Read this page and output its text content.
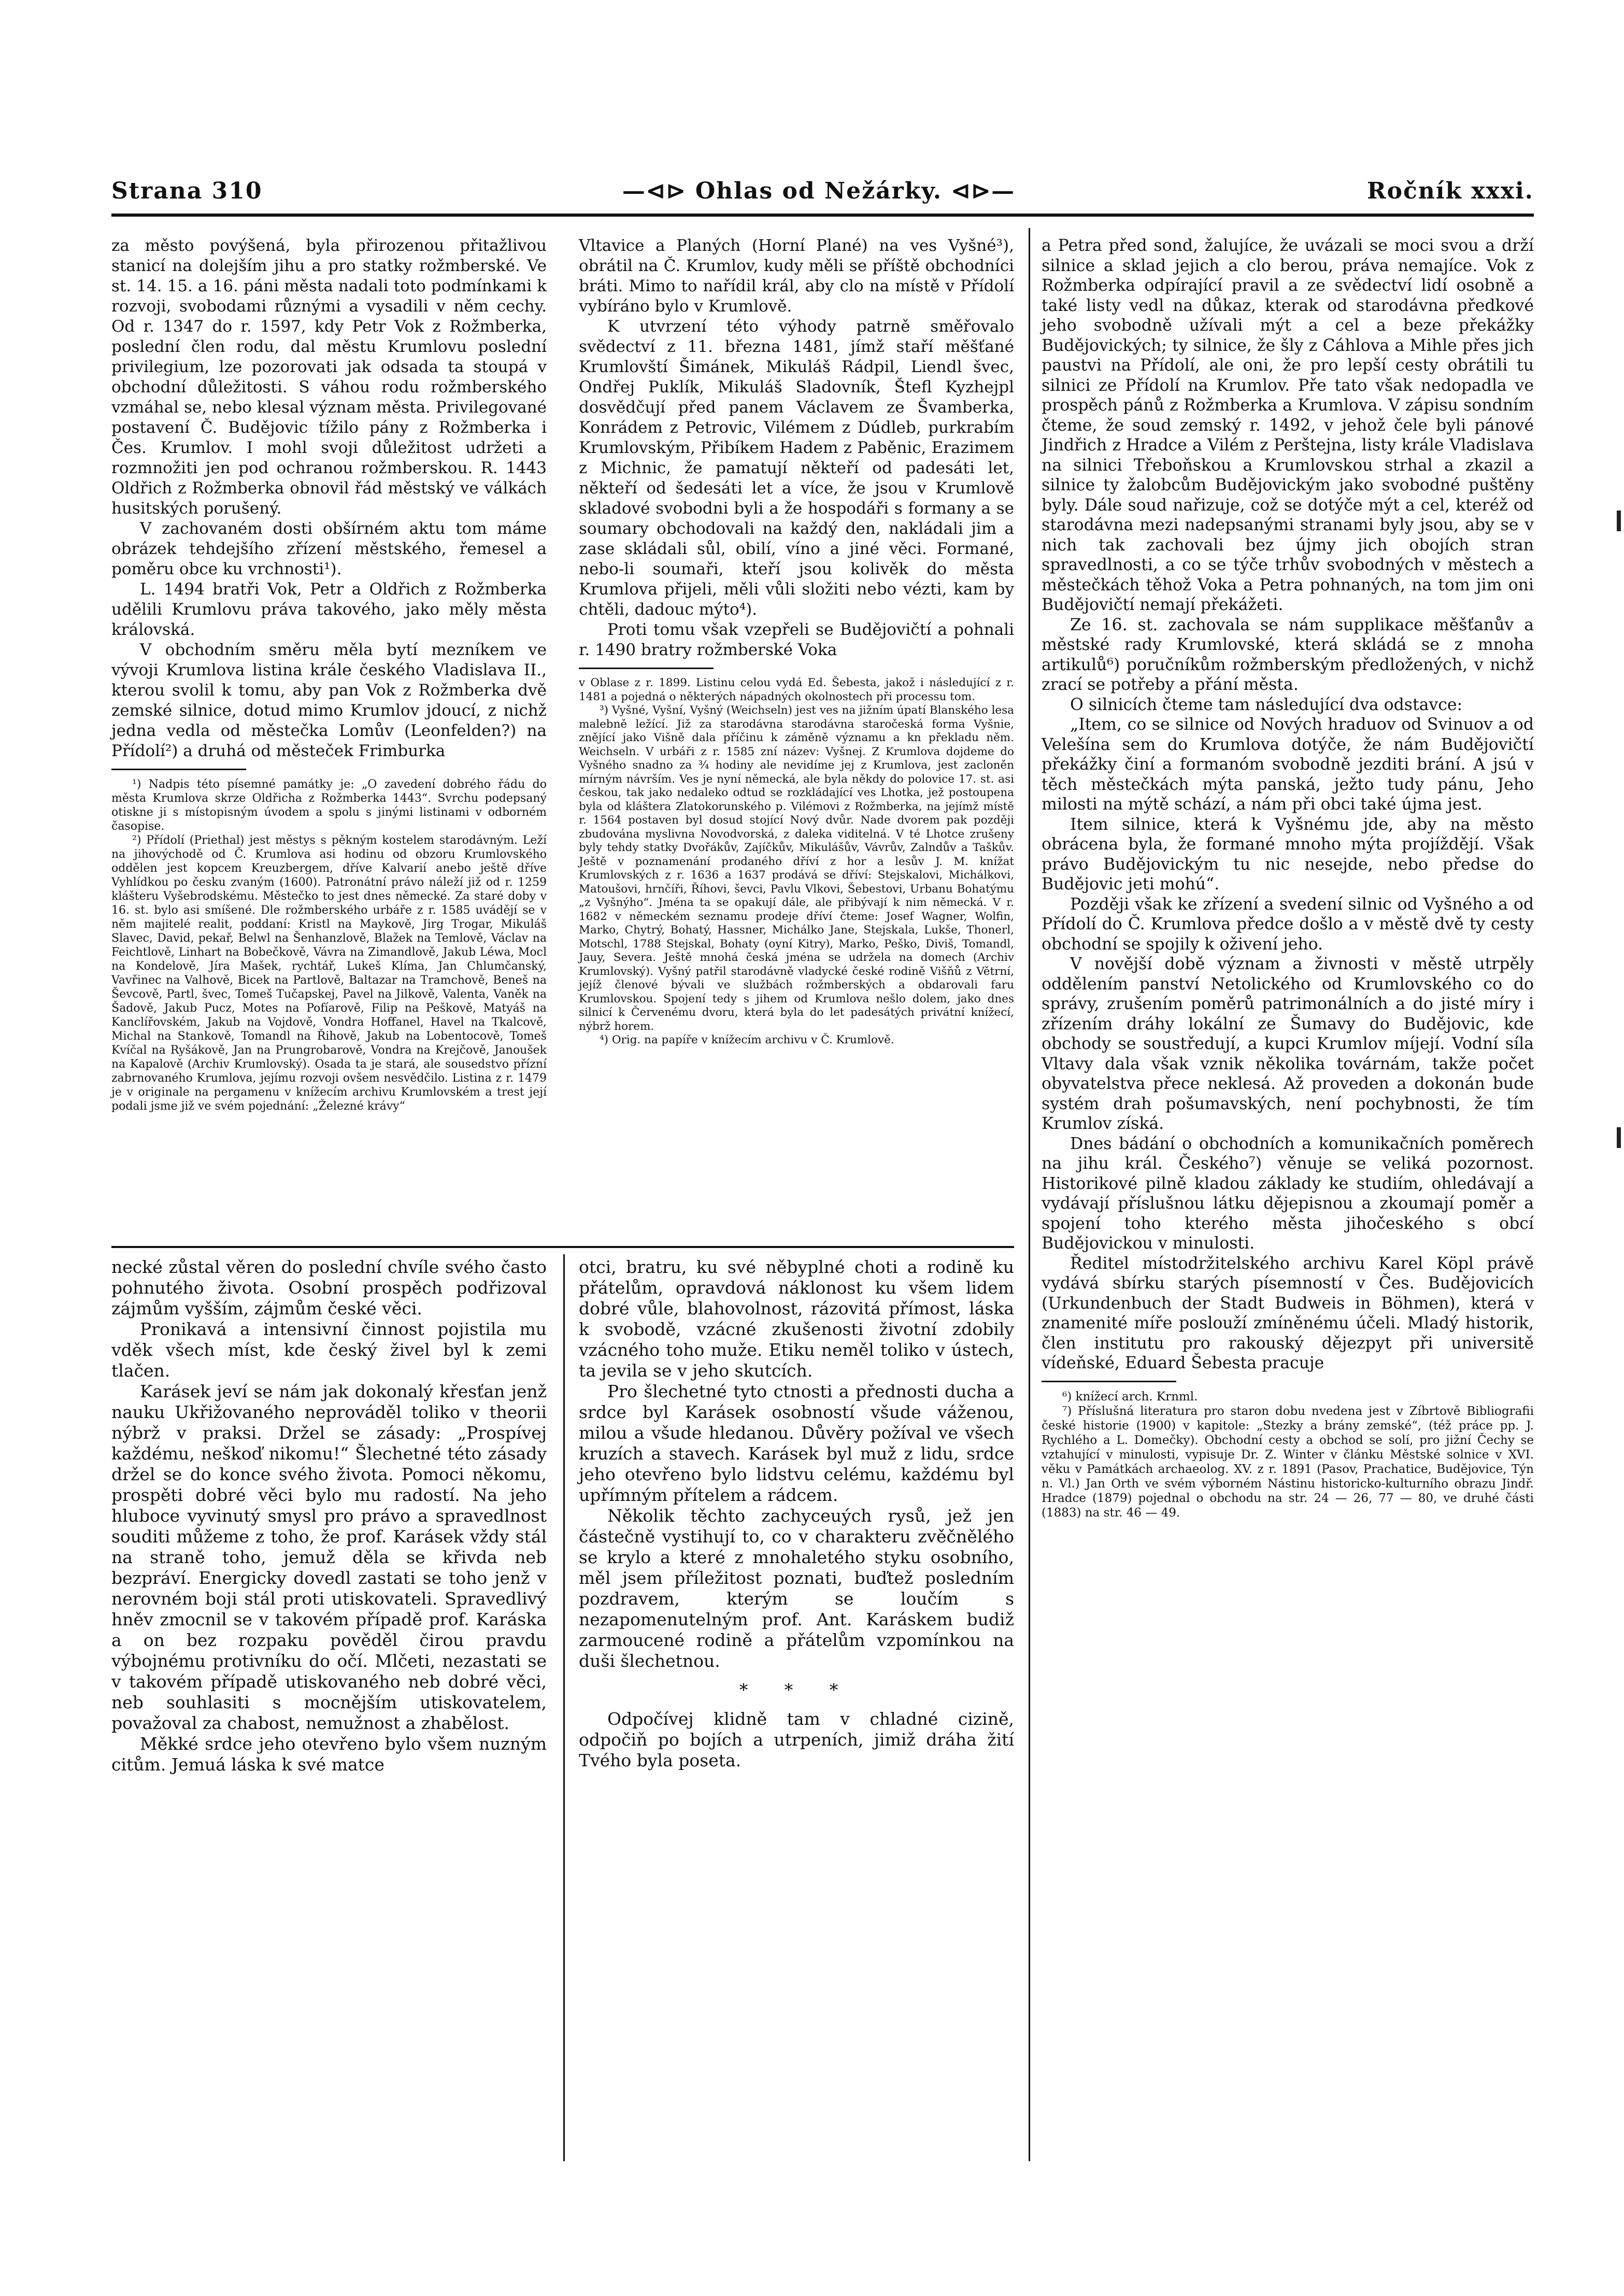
Strana 310	—⊲⊳ Ohlas od Nežárky. ⊲⊳—	Ročník xxxi.

za město povýšená, byla přirozenou přitažlivou stanicí na dolejším jihu a pro statky rožmberské. Ve st. 14. 15. a 16. páni města nadali toto podmínkami k rozvoji, svobodami různými a vysadili v něm cechy. Od r. 1347 do r. 1597, kdy Petr Vok z Rožmberka, poslední člen rodu, dal městu Krumlovu poslední privilegium, lze pozorovati jak odsada ta stoupá v obchodní důležitosti. S váhou rodu rožmberského vzmáhal se, nebo klesal význam města. Privilegované postavení Č. Budějovic tížilo pány z Rožmberka i Čes. Krumlov. I mohl svoji důležitost udržeti a rozmnožiti jen pod ochranou rožmberskou. R. 1443 Oldřich z Rožmberka obnovil řád městský ve válkách husitských porušený.

V zachovaném dosti obšírném aktu tom máme obrázek tehdejšího zřízení městského, řemesel a poměru obce ku vrchnosti¹).

L. 1494 bratři Vok, Petr a Oldřich z Rožmberka udělili Krumlovu práva takového, jako měly města královská.

V obchodním směru měla bytí mezníkem ve vývoji Krumlova listina krále českého Vladislava II., kterou svolil k tomu, aby pan Vok z Rožmberka dvě zemské silnice, dotud mimo Krumlov jdoucí, z nichž jedna vedla od městečka Lomův (Leonfelden?) na Přídolí²) a druhá od městeček Frimburka

¹) Nadpis této písemné památky je: „O zavedení dobrého řádu do města Krumlova skrze Oldřicha z Rožmberka 1443“. Svrchu podepsaný otiskne ji s místopisným úvodem a spolu s jinými listinami v odborném časopise.

²) Přídolí (Priethal) jest městys s pěkným kostelem starodávným. Leží na jihovýchodě od Č. Krumlova asi hodinu od obzoru Krumlovského oddělen jest kopcem Kreuzbergem, dříve Kalvarií anebo ještě dříve Vyhlídkou po česku zvaným (1600). Patronátní právo náleží již od r. 1259 klášteru Vyšebrodskému. Městečko to jest dnes německé. Za staré doby v 16. st. bylo asi smíšené. Dle rožmberského urbáře z r. 1585 uvádějí se v něm majitelé realit, poddaní: Kristl na Maykově, Jirg Trogar, Mikuláš Slavec, David, pekař, Belwl na Šenhanzlově, Blažek na Temlově, Václav na Feichtlově, Linhart na Bobečkově, Vávra na Zimandlově, Jakub Léwa, Mocl na Kondelově, Jíra Mašek, rychtář, Lukeš Klíma, Jan Chlumčanský, Vavřinec na Valhově, Bicek na Partlově, Baltazar na Tramchově, Beneš na Ševcově, Partl, švec, Tomeš Tučapskej, Pavel na Jilkově, Valenta, Vaněk na Šadově, Jakub Pucz, Motes na Pofíarově, Filip na Peškově, Matyáš na Kanclířovském, Jakub na Vojdově, Vondra Hoffanel, Havel na Tkalcově, Michal na Stankově, Tomandl na Řihově, Jakub na Lobentocově, Tomeš Kvíčal na Ryšákově, Jan na Prungrobarově, Vondra na Krejčově, Janoušek na Kapalově (Archiv Krumlovský). Osada ta je stará, ale sousedstvo přízní zabrnovaného Krumlova, jejímu rozvoji ovšem nesvědčilo. Listina z r. 1479 je v originale na pergamenu v knížecím archivu Krumlovském a trest její podali jsme již ve svém pojednání: „Železné krávy“

Vltavice a Planých (Horní Plané) na ves Vyšné³), obrátil na Č. Krumlov, kudy měli se příště obchodníci bráti. Mimo to nařídil král, aby clo na místě v Přídolí vybíráno bylo v Krumlově.

K utvrzení této výhody patrně směřovalo svědectví z 11. března 1481, jímž staří měšťané Krumlovští Šimánek, Mikuláš Rádpil, Liendl švec, Ondřej Puklík, Mikuláš Sladovník, Štefl Kyzhejpl dosvědčují před panem Václavem ze Švamberka, Konrádem z Petrovic, Vilémem z Dúdleb, purkrabím Krumlovským, Přibíkem Hadem z Paběnic, Erazimem z Michnic, že pamatují někteří od padesáti let, někteří od šedesáti let a více, že jsou v Krumlově skladové svobodni byli a že hospodáři s formany a se soumary obchodovali na každý den, nakládali jim a zase skládali sůl, obilí, víno a jiné věci. Formané, nebo-li soumaři, kteří jsou kolivěk do města Krumlova přijeli, měli vůli složiti nebo vézti, kam by chtěli, dadouc mýto⁴).

Proti tomu však vzepřeli se Budějovičtí a pohnali r. 1490 bratry rožmberské Voka

v Oblase z r. 1899. Listinu celou vydá Ed. Šebesta, jakož i následující z r. 1481 a pojedná o některých nápadných okolnostech při processu tom.

³) Vyšné, Vyšní, Vyšný (Weichseln) jest ves na jižním úpatí Blanského lesa malebně ležící. Již za starodávna starodávna staročeská forma Vyšnie, znějící jako Višně dala příčinu k záměně významu a kn překladu něm. Weichseln. V urbáři z r. 1585 zní název: Vyšnej. Z Krumlova dojdeme do Vyšného snadno za ¾ hodiny ale nevidíme jej z Krumlova, jest zacloněn mírným návrším. Ves je nyní německá, ale byla někdy do polovice 17. st. asi českou, tak jako nedaleko odtud se rozkládající ves Lhotka, jež postoupena byla od kláštera Zlatokorunského p. Vilémovi z Rožmberka, na jejímž místě r. 1564 postaven byl dosud stojící Nový dvůr. Nade dvorem pak později zbudována myslivna Novodvorská, z daleka viditelná. V té Lhotce zrušeny byly tehdy statky Dvořákův, Zajíčkův, Mikulášův, Vávrův, Zalndův a Taškův. Ještě v poznamenání prodaného dříví z hor a lesův J. M. knížat Krumlovských z r. 1636 a 1637 prodává se dříví: Stejskalovi, Michálkovi, Matoušovi, hrnčíři, Říhovi, ševci, Pavlu Vlkovi, Šebestovi, Urbanu Bohatýmu „z Vyšnýho“. Jména ta se opakují dále, ale přibývají k nim německá. V r. 1682 v německém seznamu prodeje dříví čteme: Josef Wagner, Wolfin, Marko, Chytrý, Bohatý, Hassner, Michálko Jane, Stejskala, Lukše, Thonerl, Motschl, 1788 Stejskal, Bohaty (oyní Kitry), Marko, Peško, Diviš, Tomandl, Jauy, Severa. Ještě mnohá česká jména se udržela na domech (Archiv Krumlovský). Vyšný patřil starodávně vladycké české rodině Višňů z Větrní, jejíž členové bývali ve službách rožmberských a obdarovali faru Krumlovskou. Spojení tedy s jihem od Krumlova nešlo dolem, jako dnes silnicí k Červenému dvoru, která byla do let padesátých privátní knížecí, nýbrž horem.

⁴) Orig. na papíře v knížecím archivu v Č. Krumlově.

a Petra před sond, žalujíce, že uvázali se moci svou a drží silnice a sklad jejich a clo berou, práva nemajíce. Vok z Rožmberka odpírající pravil a ze svědectví lidí osobně a také listy vedl na důkaz, kterak od starodávna předkové jeho svobodně užívali mýt a cel a beze překážky Budějovických; ty silnice, že šly z Cáhlova a Mihle přes jich paustvi na Přídolí, ale oni, že pro lepší cesty obrátili tu silnici ze Přídolí na Krumlov. Pře tato však nedopadla ve prospěch pánů z Rožmberka a Krumlova. V zápisu sondním čteme, že soud zemský r. 1492, v jehož čele byli pánové Jindřich z Hradce a Vilém z Perštejna, listy krále Vladislava na silnici Třeboňskou a Krumlovskou strhal a zkazil a silnice ty žalobcům Budějovickým jako svobodné puštěny byly. Dále soud nařizuje, což se dotýče mýt a cel, kteréž od starodávna mezi nadepsanými stranami byly jsou, aby se v nich tak zachovali bez újmy jich obojích stran spravedlnosti, a co se týče trhův svobodných v městech a městečkách těhož Voka a Petra pohnaných, na tom jim oni Budějovičtí nemají překážeti.

Ze 16. st. zachovala se nám supplikace měšťanův a městské rady Krumlovské, která skládá se z mnoha artikulů⁶) poručníkům rožmberským předložených, v nichž zrací se potřeby a přání města.

O silnicích čteme tam následující dva odstavce:

„Item, co se silnice od Nových hraduov od Svinuov a od Velešína sem do Krumlova dotýče, že nám Budějovičtí překážky činí a formanóm svobodně jezditi brání. A jsú v těch městečkách mýta panská, ježto tudy pánu, Jeho milosti na mýtě schází, a nám při obci také újma jest.

Item silnice, která k Vyšnému jde, aby na město obrácena byla, že formané mnoho mýta projíždějí. Však právo Budějovickým tu nic nesejde, nebo předse do Budějovic jeti mohú“.

Později však ke zřízení a svedení silnic od Vyšného a od Přídolí do Č. Krumlova předce došlo a v městě dvě ty cesty obchodní se spojily k oživení jeho.

V novější době význam a živnosti v městě utrpěly oddělením panství Netolického od Krumlovského co do správy, zrušením poměrů patrimonálních a do jisté míry i zřízením dráhy lokální ze Šumavy do Budějovic, kde obchody se soustředují, a kupci Krumlov míjejí. Vodní síla Vltavy dala však vznik několika továrnám, takže počet obyvatelstva přece neklesá. Až proveden a dokonán bude systém drah pošumavských, není pochybnosti, že tím Krumlov získá.

Dnes bádání o obchodních a komunikačních poměrech na jihu král. Českého⁷) věnuje se veliká pozornost. Historikové pilně kladou základy ke studiím, ohledávají a vydávají příslušnou látku dějepisnou a zkoumají poměr a spojení toho kterého města jihočeského s obcí Budějovickou v minulosti.

Ředitel místodržitelského archivu Karel Köpl právě vydává sbírku starých písemností v Čes. Budějovicích (Urkundenbuch der Stadt Budweis in Böhmen), která v znamenité míře poslouží zmíněnému účeli. Mladý historik, člen institutu pro rakouský dějezpyt při universitě vídeňské, Eduard Šebesta pracuje

⁶) knížecí arch. Krnml.

⁷) Příslušná literatura pro staron dobu nvedena jest v Zíbrtově Bibliografii české historie (1900) v kapitole: „Stezky a brány zemské“, (též práce pp. J. Rychlého a L. Domečky). Obchodní cesty a obchod se solí, pro jižní Čechy se vztahující v minulosti, vypisuje Dr. Z. Winter v článku Městské solnice v XVI. věku v Památkách archaeolog. XV. z r. 1891 (Pasov, Prachatice, Budějovice, Týn n. Vl.) Jan Orth ve svém výborném Nástinu historicko-kulturního obrazu Jindř. Hradce (1879) pojednal o obchodu na str. 24 — 26, 77 — 80, ve druhé části (1883) na str. 46 — 49.

necké zůstal věren do poslední chvíle svého často pohnutého života. Osobní prospěch podřizoval zájmům vyšším, zájmům české věci.

Pronikavá a intensivní činnost pojistila mu vděk všech míst, kde český živel byl k zemi tlačen.

Karásek jeví se nám jak dokonalý křesťan jenž nauku Ukřižovaného neprováděl toliko v theorii nýbrž v praksi. Držel se zásady: „Prospívej každému, neškoď nikomu!“ Šlechetné této zásady držel se do konce svého života. Pomoci někomu, prospěti dobré věci bylo mu radostí. Na jeho hluboce vyvinutý smysl pro právo a spravedlnost souditi můžeme z toho, že prof. Karásek vždy stál na straně toho, jemuž děla se křivda neb bezpráví. Energicky dovedl zastati se toho jenž v nerovném boji stál proti utiskovateli. Spravedlivý hněv zmocnil se v takovém případě prof. Karáska a on bez rozpaku pověděl čirou pravdu výbojnému protivníku do očí. Mlčeti, nezastati se v takovém případě utiskovaného neb dobré věci, neb souhlasiti s mocnějším utiskovatelem, považoval za chabost, nemužnost a zhabělost.

Měkké srdce jeho otevřeno bylo všem nuzným citům. Jemuá láska k své matce

otci, bratru, ku své něbyplné choti a rodině ku přátelům, opravdová náklonost ku všem lidem dobré vůle, blahovolnost, rázovitá přímost, láska k svobodě, vzácné zkušenosti životní zdobily vzácného toho muže. Etiku neměl toliko v ústech, ta jevila se v jeho skutcích.

Pro šlechetné tyto ctnosti a přednosti ducha a srdce byl Karásek osobností všude váženou, milou a všude hledanou. Důvěry požíval ve všech kruzích a stavech. Karásek byl muž z lidu, srdce jeho otevřeno bylo lidstvu celému, každému byl upřímným přítelem a rádcem.

Několik těchto zachyceuých rysů, jež jen částečně vystihují to, co v charakteru zvěčnělého se krylo a které z mnohaletého styku osobního, měl jsem příležitost poznati, buďtež posledním pozdravem, kterým se loučím s nezapomenutelným prof. Ant. Karáskem budiž zarmoucené rodině a přátelům vzpomínkou na duši šlechetnou.

* * *

Odpočívej klidně tam v chladné cizině, odpočiň po bojích a utrpeních, jimiž dráha žití Tvého byla poseta.
